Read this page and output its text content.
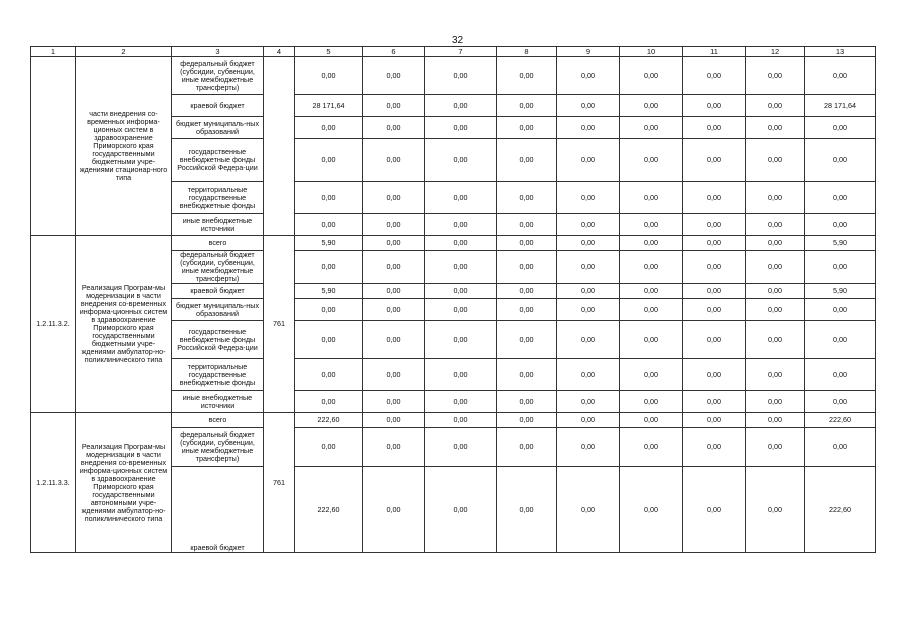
32
1	2	3	4	5	6	7	8	9	10	11	12	13
	части внедрения со-временных информа-ционных систем в здравоохранение Приморского края государственными бюджетными учре-ждениями стационар-ного типа	федеральный бюджет (субсидии, субвенции, иные межбюджетные трансферты)		0,00	0,00	0,00	0,00	0,00	0,00	0,00	0,00	0,00
		краевой бюджет		28 171,64	0,00	0,00	0,00	0,00	0,00	0,00	0,00	28 171,64
		бюджет муниципаль-ных образований		0,00	0,00	0,00	0,00	0,00	0,00	0,00	0,00	0,00
		государственные внебюджетные фонды Российской Федера-ции		0,00	0,00	0,00	0,00	0,00	0,00	0,00	0,00	0,00
		территориальные государственные внебюджетные фонды		0,00	0,00	0,00	0,00	0,00	0,00	0,00	0,00	0,00
		иные внебюджетные источники		0,00	0,00	0,00	0,00	0,00	0,00	0,00	0,00	0,00
1.2.11.3.2.	Реализация Програм-мы модернизации в части внедрения со-временных информа-ционных систем в здравоохранение Приморского края государственными бюджетными учре-ждениями амбулатор-но-поликлинического типа	всего	761	5,90	0,00	0,00	0,00	0,00	0,00	0,00	0,00	5,90
		федеральный бюджет (субсидии, субвенции, иные межбюджетные трансферты)		0,00	0,00	0,00	0,00	0,00	0,00	0,00	0,00	0,00
		краевой бюджет		5,90	0,00	0,00	0,00	0,00	0,00	0,00	0,00	5,90
		бюджет муниципаль-ных образований		0,00	0,00	0,00	0,00	0,00	0,00	0,00	0,00	0,00
		государственные внебюджетные фонды Российской Федера-ции		0,00	0,00	0,00	0,00	0,00	0,00	0,00	0,00	0,00
		территориальные государственные внебюджетные фонды		0,00	0,00	0,00	0,00	0,00	0,00	0,00	0,00	0,00
		иные внебюджетные источники		0,00	0,00	0,00	0,00	0,00	0,00	0,00	0,00	0,00
1.2.11.3.3.	Реализация Програм-мы модернизации в части внедрения со-временных информа-ционных систем в здравоохранение Приморского края государственными автономными учре-ждениями амбулатор-но-поликлинического типа	всего	761	222,60	0,00	0,00	0,00	0,00	0,00	0,00	0,00	222,60
		федеральный бюджет (субсидии, субвенции, иные межбюджетные трансферты)		0,00	0,00	0,00	0,00	0,00	0,00	0,00	0,00	0,00
		краевой бюджет		222,60	0,00	0,00	0,00	0,00	0,00	0,00	0,00	222,60
